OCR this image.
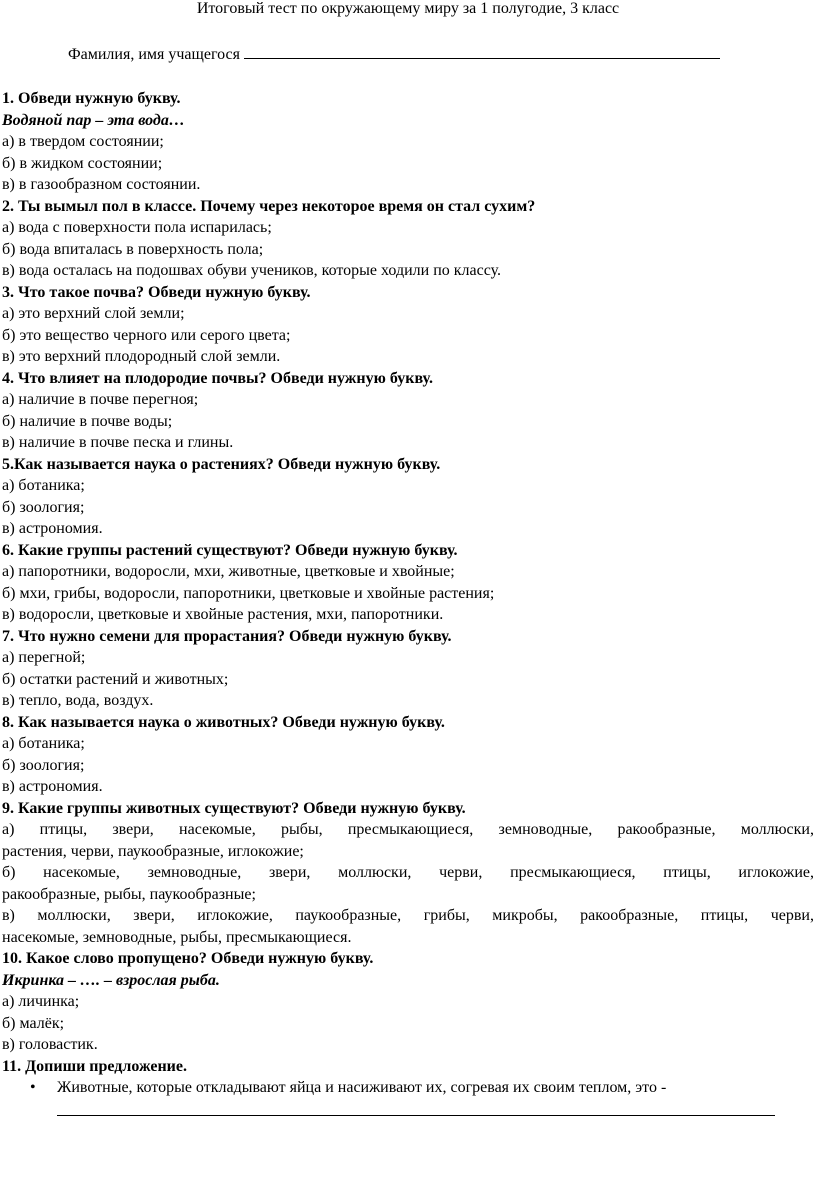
Итоговый тест по окружающему миру за 1 полугодие, 3 класс
Фамилия, имя учащегося
1. Обведи нужную букву.
Водяной пар – эта вода…
а) в твердом состоянии;
б) в жидком состоянии;
в) в газообразном состоянии.
2. Ты вымыл пол в классе. Почему через некоторое время он стал сухим?
а) вода с поверхности пола испарилась;
б) вода впиталась в поверхность пола;
в) вода осталась на подошвах обуви учеников, которые ходили по классу.
3. Что такое почва? Обведи нужную букву.
а) это верхний слой земли;
б) это вещество черного или серого цвета;
в) это верхний плодородный слой земли.
4. Что влияет на плодородие почвы? Обведи нужную букву.
а) наличие в почве перегноя;
б) наличие в почве воды;
в) наличие в почве песка и глины.
5.Как называется наука о растениях? Обведи нужную букву.
а) ботаника;
б) зоология;
в) астрономия.
6. Какие группы растений существуют? Обведи нужную букву.
а) папоротники, водоросли, мхи, животные, цветковые и хвойные;
б) мхи, грибы, водоросли, папоротники, цветковые и хвойные растения;
в) водоросли, цветковые и хвойные растения, мхи, папоротники.
7. Что нужно семени для прорастания? Обведи нужную букву.
а) перегной;
б) остатки растений и животных;
в) тепло, вода, воздух.
8. Как называется наука о животных? Обведи нужную букву.
а) ботаника;
б) зоология;
в) астрономия.
9. Какие группы животных существуют? Обведи нужную букву.
а) птицы, звери, насекомые, рыбы, пресмыкающиеся, земноводные, ракообразные, моллюски,
растения, черви, паукообразные, иглокожие;
б) насекомые, земноводные, звери, моллюски, черви, пресмыкающиеся, птицы, иглокожие,
ракообразные, рыбы, паукообразные;
в) моллюски, звери, иглокожие, паукообразные, грибы, микробы, ракообразные, птицы, черви,
насекомые, земноводные, рыбы, пресмыкающиеся.
10. Какое слово пропущено? Обведи нужную букву.
Икринка – …. – взрослая рыба.
а) личинка;
б) малёк;
в) головастик.
11. Допиши предложение.
• Животные, которые откладывают яйца и насиживают их, согревая их своим теплом, это -
